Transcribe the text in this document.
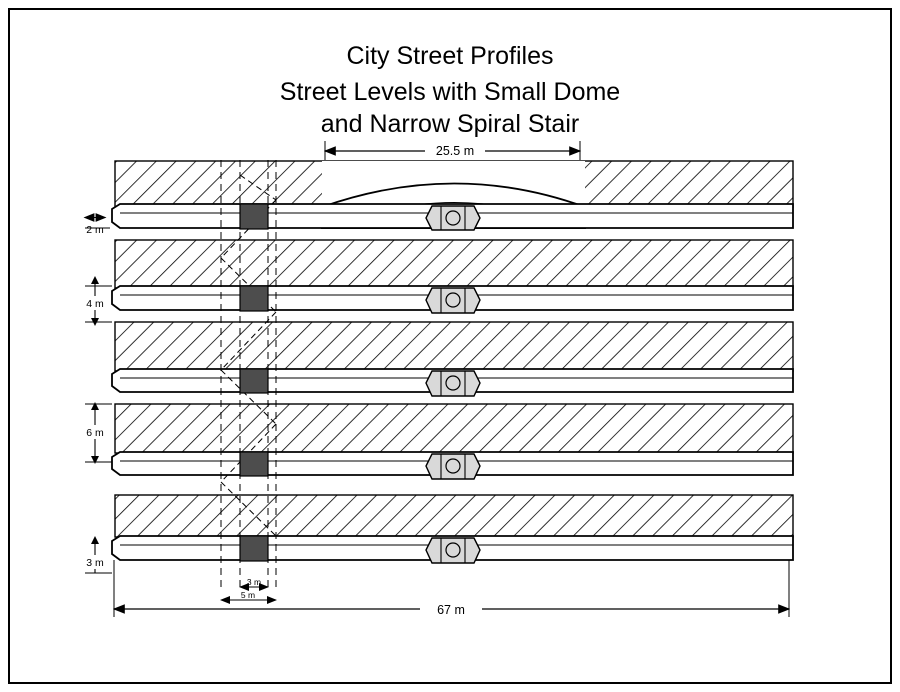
City Street Profiles
Street Levels with Small Dome
and Narrow Spiral Stair
25.5 m
2 m
4 m
6 m
3 m
3 m
5 m
67 m
